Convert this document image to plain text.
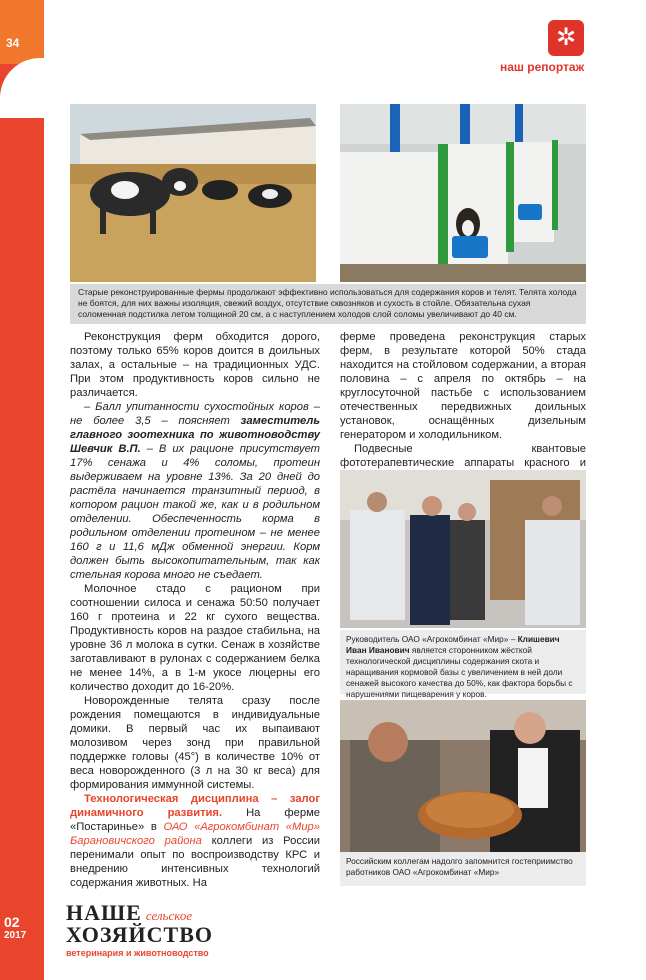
34	✲
наш репортаж
Старые реконструированные фермы продолжают эффективно использоваться для содержания коров и телят. Телята холода не боятся, для них важны изоляция, свежий воздух, отсутствие сквозняков и сухость в стойле. Обязательна сухая соломенная подстилка летом толщиной 20 см, а с наступлением холодов слой соломы увеличивают до 40 см.

Реконструкция ферм обходится дорого, поэтому только 65% коров доится в доильных залах, а остальные – на традиционных УДС. При этом продуктивность коров сильно не различается.

– Балл упитанности сухостойных коров – не более 3,5 – поясняет заместитель главного зоотехника по животноводству Шевчик В.П. – В их рационе присутствует 17% сенажа и 4% соломы, протеин выдерживаем на уровне 13%. За 20 дней до растёла начинается транзитный период, в котором рацион такой же, как и в родильном отделении. Обеспеченность корма в родильном отделении протеином – не менее 160 г и 11,6 мДж обменной энергии. Корм должен быть высокопитательным, так как стельная корова много не съедает.

Молочное стадо с рационом при соотношении силоса и сенажа 50:50 получает 160 г протеина и 22 кг сухого вещества. Продуктивность коров на раздое стабильна, на уровне 36 л молока в сутки. Сенаж в хозяйстве заготавливают в рулонах с содержанием белка не менее 14%, а в 1-м укосе люцерны его количество доходит до 16-20%.

Новорожденные телята сразу после рождения помещаются в индивидуальные домики. В первый час их выпаивают молозивом через зонд при правильной поддержке головы (45°) в количестве 10% от веса новорожденного (3 л на 30 кг веса) для формирования иммунной системы.

Технологическая дисциплина – залог динамичного развития. На ферме «Постаринье» в ОАО «Агрокомбинат «Мир» Барановичского района коллеги из России перенимали опыт по воспроизводству КРС и внедрению интенсивных технологий содержания животных. На

ферме проведена реконструкция старых ферм, в результате которой 50% стада находится на стойловом содержании, а вторая половина – с апреля по октябрь – на круглосуточной пастьбе с использованием отечественных передвижных доильных установок, оснащённых дизельным генератором и холодильником.

Подвесные квантовые фототерапевтические аппараты красного и

Руководитель ОАО «Агрокомбинат «Мир» – Клишевич Иван Иванович является сторонником жёсткой технологической дисциплины содержания скота и наращивания кормовой базы с увеличением в ней доли сенажей высокого качества до 50%, как фактора борьбы с нарушениями пищеварения у коров.
Российским коллегам надолго запомнится гостеприимство работников ОАО «Агрокомбинат «Мир»
02
2017
НАШЕ сельское
ХОЗЯЙСТВО
ветеринария и животноводство
